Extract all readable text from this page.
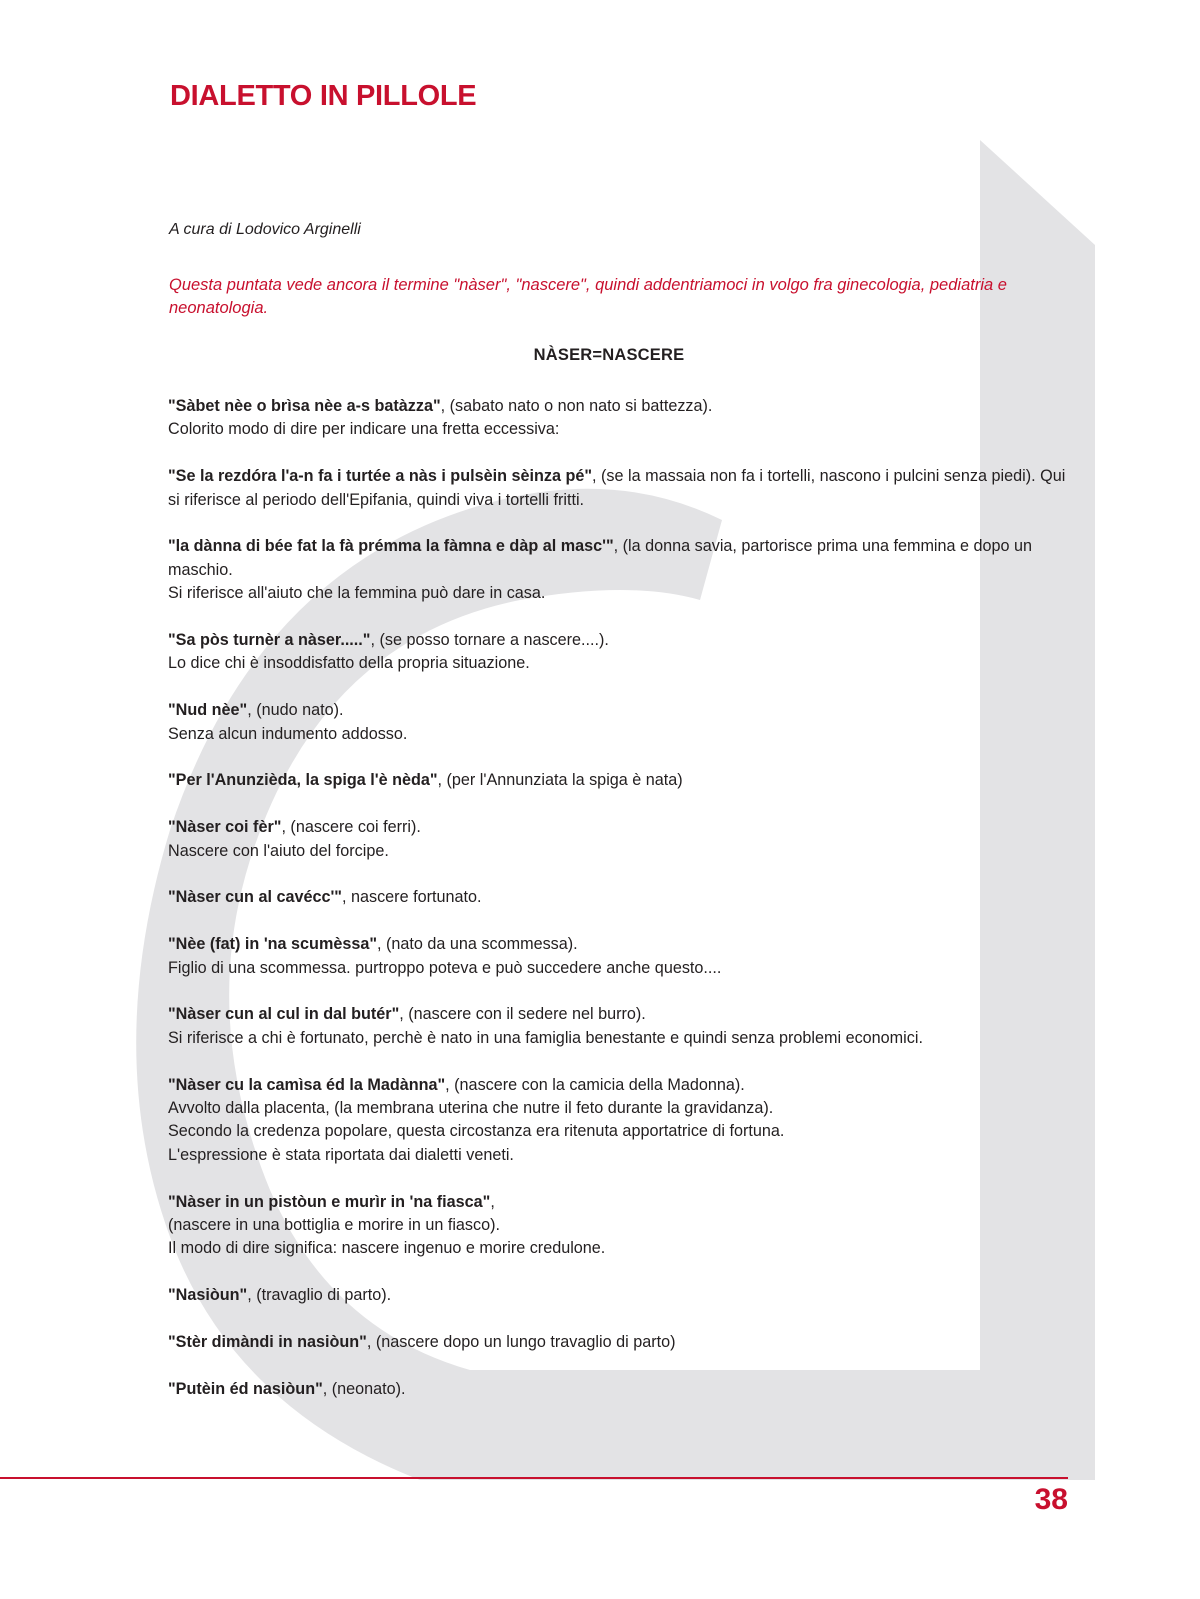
DIALETTO IN PILLOLE

A cura di Lodovico Arginelli

Questa puntata vede ancora il termine "nàser", "nascere", quindi addentriamoci in volgo fra ginecologia, pediatria e neonatologia.

NÀSER=NASCERE

"Sàbet nèe o brìsa nèe a-s batàzza", (sabato nato o non nato si battezza).
Colorito modo di dire per indicare una fretta eccessiva:

"Se la rezdóra l'a-n fa i turtée a nàs i pulsèin sèinza pé", (se la massaia non fa i tortelli, nascono i pulcini senza piedi). Qui si riferisce al periodo dell'Epifania, quindi viva i tortelli fritti.

"la dànna di bée fat la fà prémma la fàmna e dàp al masc'", (la donna savia, partorisce prima una femmina e dopo un maschio.
Si riferisce all'aiuto che la femmina può dare in casa.

"Sa pòs turnèr a nàser.....", (se posso tornare a nascere....).
Lo dice chi è insoddisfatto della propria situazione.

"Nud nèe", (nudo nato).
Senza alcun indumento addosso.

"Per l'Anunzièda, la spiga l'è nèda", (per l'Annunziata la spiga è nata)

"Nàser coi fèr", (nascere coi ferri).
Nascere con l'aiuto del forcipe.

"Nàser cun al cavécc'", nascere fortunato.

"Nèe (fat) in 'na scumèssa", (nato da una scommessa).
Figlio di una scommessa. purtroppo poteva e può succedere anche questo....

"Nàser cun al cul in dal butér", (nascere con il sedere nel burro).
Si riferisce a chi è fortunato, perchè è nato in una famiglia benestante e quindi senza problemi economici.

"Nàser cu la camìsa éd la Madànna", (nascere con la camicia della Madonna).
Avvolto dalla placenta, (la membrana uterina che nutre il feto durante la gravidanza).
Secondo la credenza popolare, questa circostanza era ritenuta apportatrice di fortuna.
L'espressione è stata riportata dai dialetti veneti.

"Nàser in un pistòun e murìr in 'na fiasca",
(nascere in una bottiglia e morire in un fiasco).
Il modo di dire significa: nascere ingenuo e morire credulone.

"Nasiòun", (travaglio di parto).

"Stèr dimàndi in nasiòun", (nascere dopo un lungo travaglio di parto)

"Putèin éd nasiòun", (neonato).

38
